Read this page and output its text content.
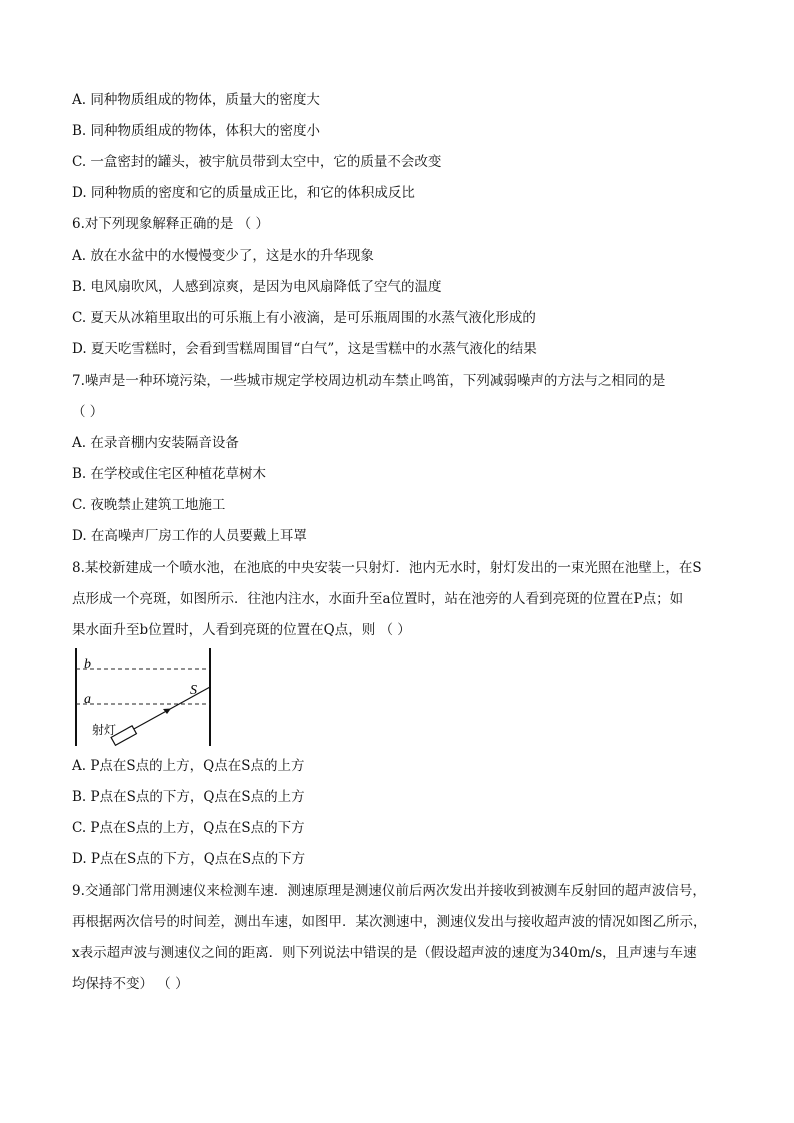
A. 同种物质组成的物体，质量大的密度大
B. 同种物质组成的物体，体积大的密度小
C. 一盒密封的罐头，被宇航员带到太空中，它的质量不会改变
D. 同种物质的密度和它的质量成正比，和它的体积成反比
6.对下列现象解释正确的是 （ ）
A. 放在水盆中的水慢慢变少了，这是水的升华现象
B. 电风扇吹风，人感到凉爽，是因为电风扇降低了空气的温度
C. 夏天从冰箱里取出的可乐瓶上有小液滴，是可乐瓶周围的水蒸气液化形成的
D. 夏天吃雪糕时，会看到雪糕周围冒“白气”，这是雪糕中的水蒸气液化的结果
7.噪声是一种环境污染，一些城市规定学校周边机动车禁止鸣笛，下列减弱噪声的方法与之相同的是
（ ）
A. 在录音棚内安装隔音设备
B. 在学校或住宅区种植花草树木
C. 夜晚禁止建筑工地施工
D. 在高噪声厂房工作的人员要戴上耳罩
8.某校新建成一个喷水池，在池底的中央安装一只射灯．池内无水时，射灯发出的一束光照在池壁上，在S
点形成一个亮斑，如图所示．往池内注水，水面升至a位置时，站在池旁的人看到亮斑的位置在P点；如
果水面升至b位置时，人看到亮斑的位置在Q点，则 （ ）
b
a
S
射灯
A. P点在S点的上方，Q点在S点的上方
B. P点在S点的下方，Q点在S点的上方
C. P点在S点的上方，Q点在S点的下方
D. P点在S点的下方，Q点在S点的下方
9.交通部门常用测速仪来检测车速．测速原理是测速仪前后两次发出并接收到被测车反射回的超声波信号，
再根据两次信号的时间差，测出车速，如图甲．某次测速中，测速仪发出与接收超声波的情况如图乙所示，
x表示超声波与测速仪之间的距离．则下列说法中错误的是（假设超声波的速度为340m/s，且声速与车速
均保持不变） （ ）
